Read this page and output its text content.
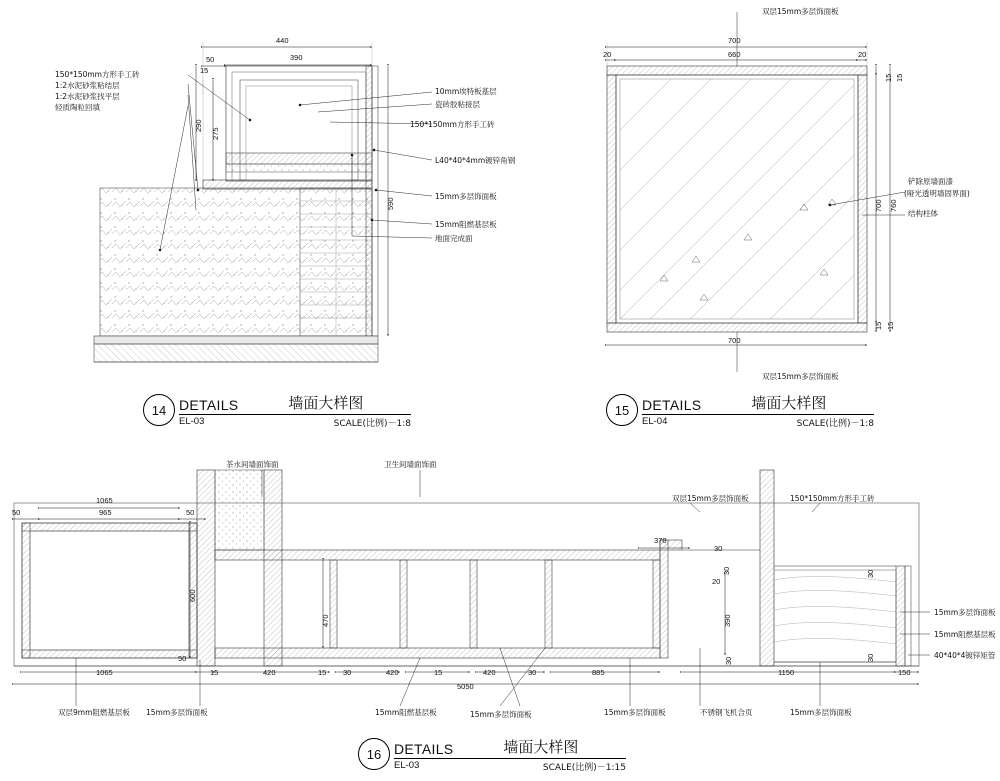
150*150mm方形手工砖
1:2水泥砂浆粘结层
1:2水泥砂浆找平层
轻质陶粒回填
10mm埃特板基层
瓷砖胶粘接层
150*150mm方形手工砖
L40*40*4mm镀锌角钢
15mm多层饰面板
15mm阻燃基层板
地面完成面
440
390
50
15
290
275
590
双层15mm多层饰面板
双层15mm多层饰面板
铲除原墙面漆
(哑光透明墙固界面)
结构柱体
700
660
20	20
15 15
700 760
700
15 15
茶水间墙面饰面	卫生间墙面饰面
双层15mm多层饰面板	150*150mm方形手工砖
双层9mm阻燃基层板 15mm多层饰面板	15mm阻燃基层板	15mm多层饰面板	15mm多层饰面板	不锈钢飞机合页	15mm多层饰面板
15mm多层饰面板
15mm阻燃基层板
40*40*4镀锌矩管
1065
965
50	50
370
30
20
30	30
600
470	390
1065
50
15	420	15 30	420	15	420	30	885	1150	150
5050
30	30
14 DETAILS	墙面大样图
EL-03	SCALE(比例)－1:8
15 DETAILS	墙面大样图
EL-04	SCALE(比例)－1:8
16 DETAILS	墙面大样图
EL-03	SCALE(比例)－1:15
